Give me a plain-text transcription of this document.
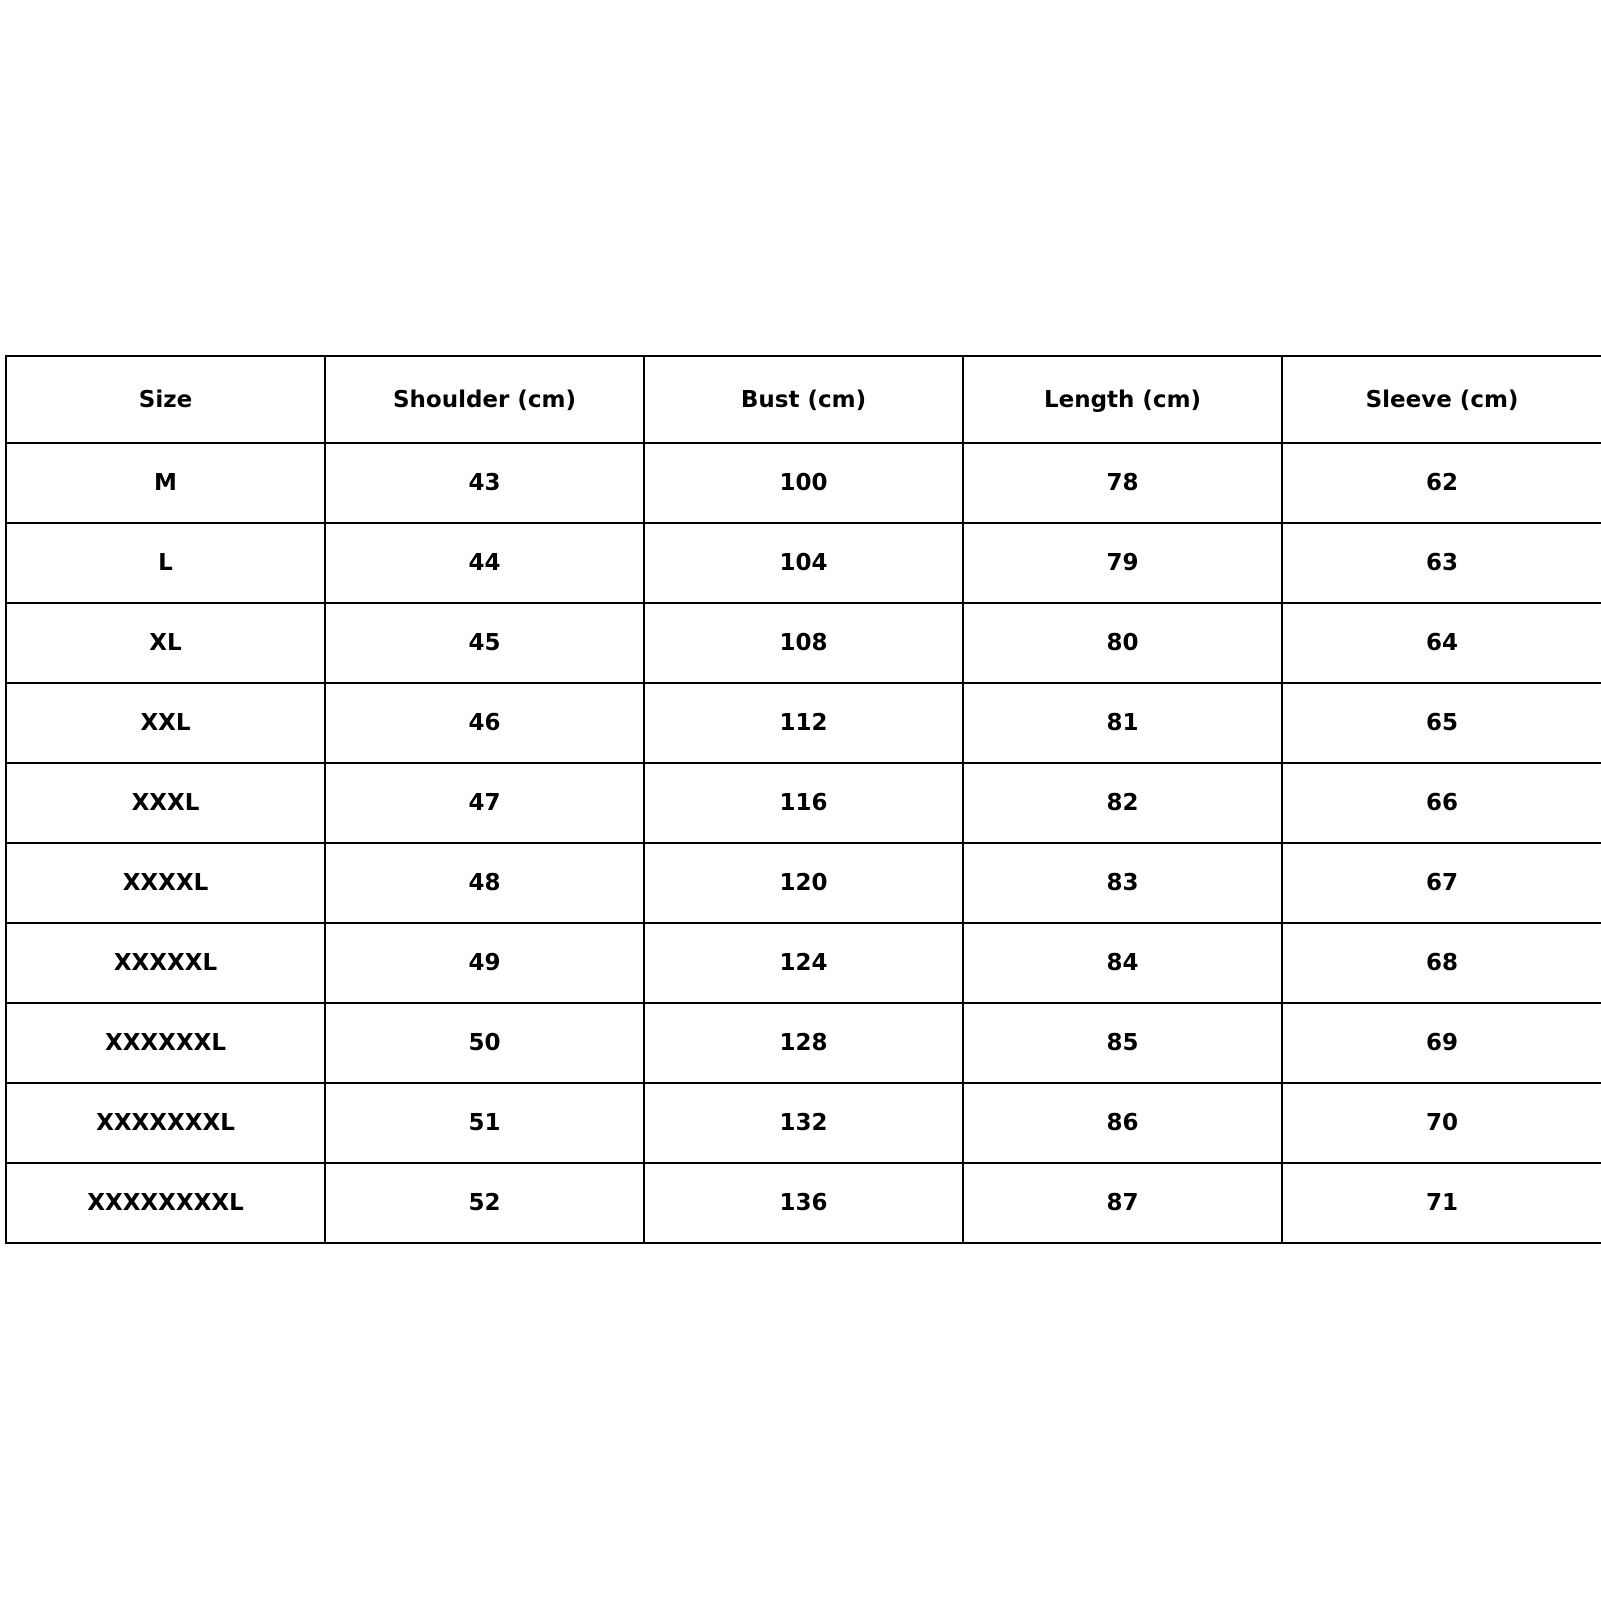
Size	Shoulder (cm)	Bust (cm)	Length (cm)	Sleeve (cm)
M	43	100	78	62
L	44	104	79	63
XL	45	108	80	64
XXL	46	112	81	65
XXXL	47	116	82	66
XXXXL	48	120	83	67
XXXXXL	49	124	84	68
XXXXXXL	50	128	85	69
XXXXXXXL	51	132	86	70
XXXXXXXXL	52	136	87	71
